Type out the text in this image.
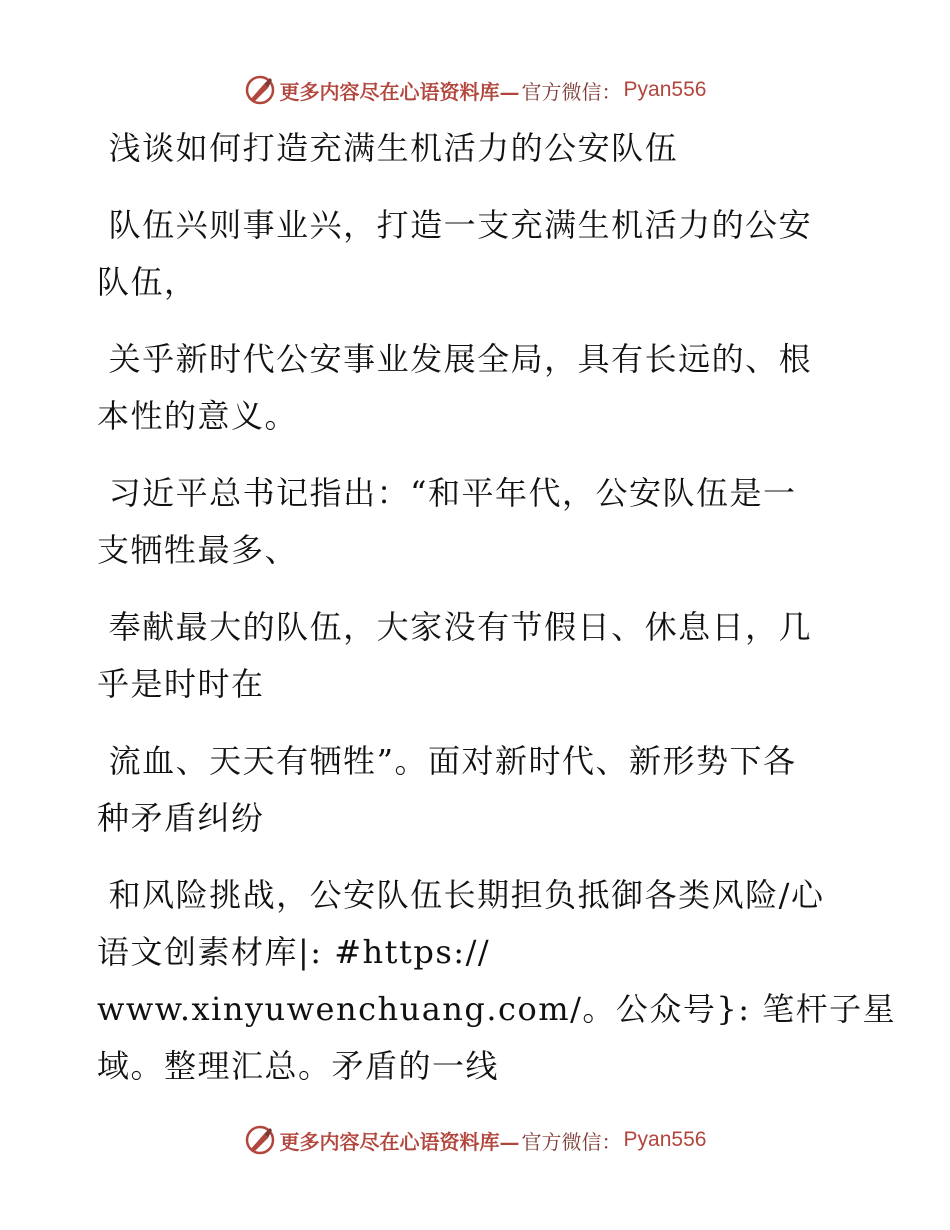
更多内容尽在心语资料库— 官方微信： Pyan556
浅谈如何打造充满生机活力的公安队伍
队伍兴则事业兴，打造一支充满生机活力的公安
队伍，
关乎新时代公安事业发展全局，具有长远的、根
本性的意义。
习近平总书记指出：“和平年代，公安队伍是一
支牺牲最多、
奉献最大的队伍，大家没有节假日、休息日，几
乎是时时在
流血、天天有牺牲”。面对新时代、新形势下各
种矛盾纠纷
和风险挑战，公安队伍长期担负抵御各类风险/心
语文创素材库|: #https://
www.xinyuwenchuang.com/。公众号}: 笔杆子星
域。整理汇总。矛盾的一线
更多内容尽在心语资料库— 官方微信： Pyan556
